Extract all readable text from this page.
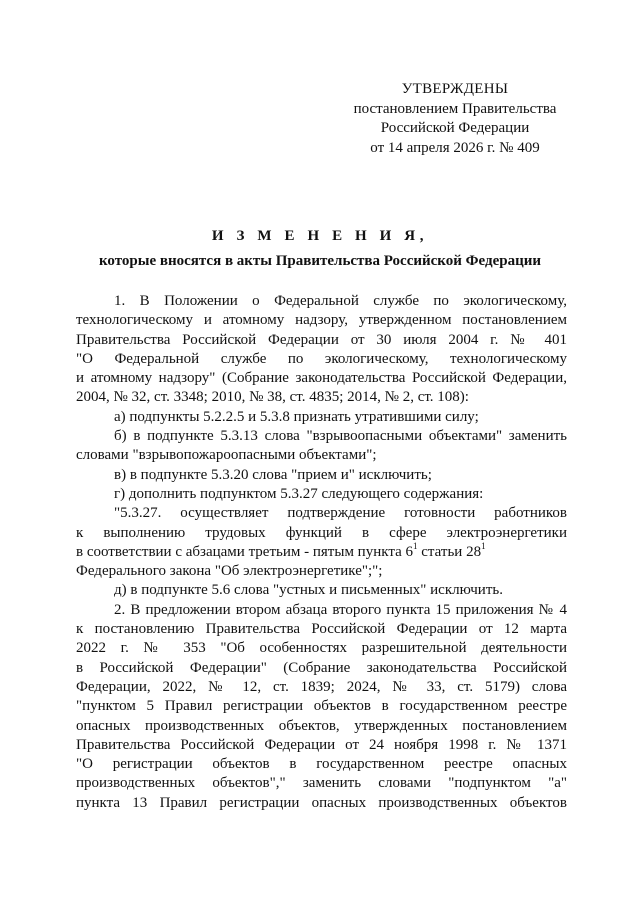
УТВЕРЖДЕНЫ
постановлением Правительства
Российской Федерации
от 14 апреля 2026 г. № 409
И З М Е Н Е Н И Я,
которые вносятся в акты Правительства Российской Федерации
1. В Положении о Федеральной службе по экологическому,
технологическому и атомному надзору, утвержденном постановлением
Правительства Российской Федерации от 30 июля 2004 г. № 401
"О Федеральной службе по экологическому, технологическому
и атомному надзору" (Собрание законодательства Российской Федерации,
2004, № 32, ст. 3348; 2010, № 38, ст. 4835; 2014, № 2, ст. 108):
а) подпункты 5.2.2.5 и 5.3.8 признать утратившими силу;
б) в подпункте 5.3.13 слова "взрывоопасными объектами" заменить
словами "взрывопожароопасными объектами";
в) в подпункте 5.3.20 слова "прием и" исключить;
г) дополнить подпунктом 5.3.27 следующего содержания:
"5.3.27. осуществляет подтверждение готовности работников
к выполнению трудовых функций в сфере электроэнергетики
в соответствии с абзацами третьим - пятым пункта $6^1$ статьи $28^1$
Федерального закона "Об электроэнергетике";";
д) в подпункте 5.6 слова "устных и письменных" исключить.
2. В предложении втором абзаца второго пункта 15 приложения № 4
к постановлению Правительства Российской Федерации от 12 марта
2022 г. № 353 "Об особенностях разрешительной деятельности
в Российской Федерации" (Собрание законодательства Российской
Федерации, 2022, № 12, ст. 1839; 2024, № 33, ст. 5179) слова
"пунктом 5 Правил регистрации объектов в государственном реестре
опасных производственных объектов, утвержденных постановлением
Правительства Российской Федерации от 24 ноября 1998 г. № 1371
"О регистрации объектов в государственном реестре опасных
производственных объектов"," заменить словами "подпунктом "а"
пункта 13 Правил регистрации опасных производственных объектов
